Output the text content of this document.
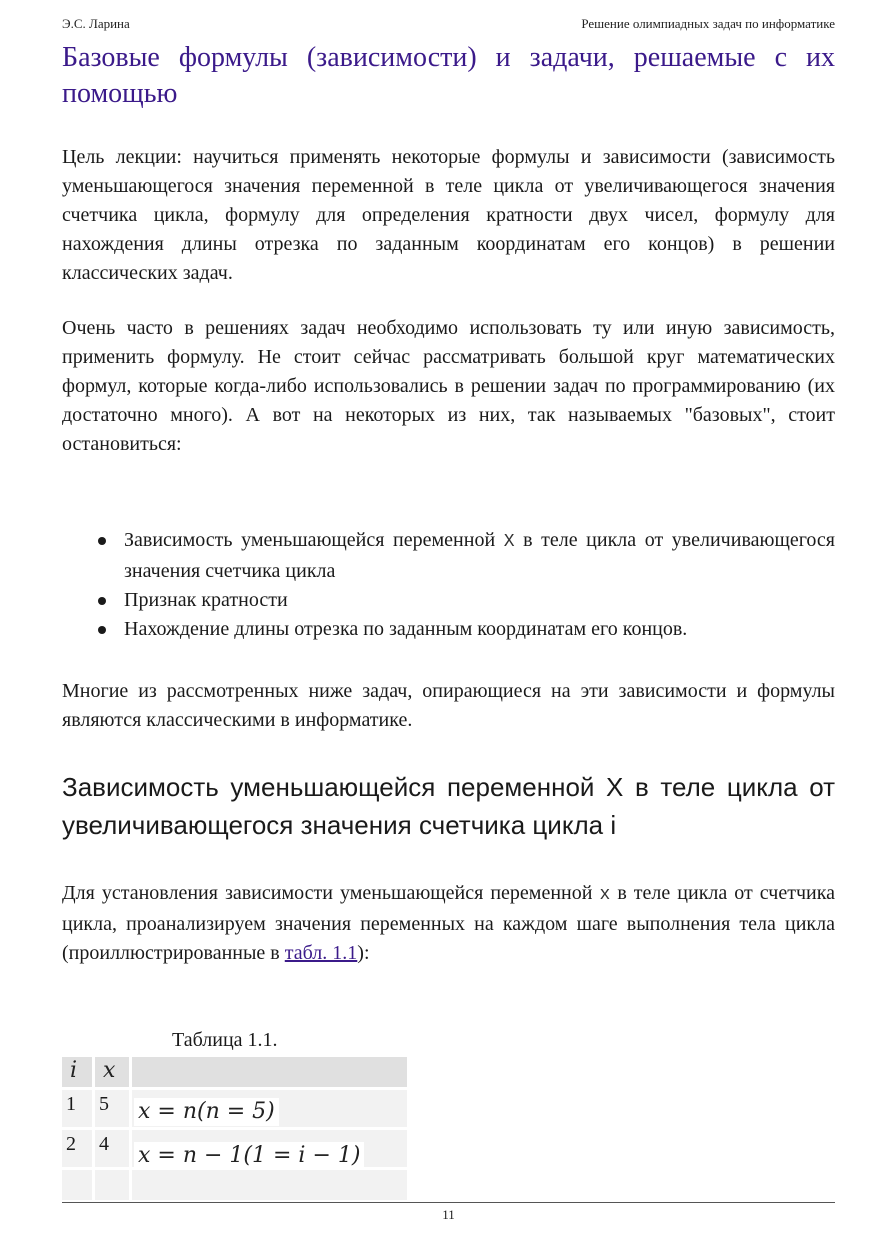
Э.С. Ларина	Решение олимпиадных задач по информатике
Базовые формулы (зависимости) и задачи, решаемые с их помощью

Цель лекции: научиться применять некоторые формулы и зависимости (зависимость уменьшающегося значения переменной в теле цикла от увеличивающегося значения счетчика цикла, формулу для определения кратности двух чисел, формулу для нахождения длины отрезка по заданным координатам его концов) в решении классических задач.

Очень часто в решениях задач необходимо использовать ту или иную зависимость, применить формулу. Не стоит сейчас рассматривать большой круг математических формул, которые когда-либо использовались в решении задач по программированию (их достаточно много). А вот на некоторых из них, так называемых "базовых", стоит остановиться:

Зависимость уменьшающейся переменной X в теле цикла от увеличивающегося значения счетчика цикла
Признак кратности
Нахождение длины отрезка по заданным координатам его концов.

Многие из рассмотренных ниже задач, опирающиеся на эти зависимости и формулы являются классическими в информатике.

Зависимость уменьшающейся переменной X в теле цикла от увеличивающегося значения счетчика цикла i

Для установления зависимости уменьшающейся переменной x в теле цикла от счетчика цикла, проанализируем значения переменных на каждом шаге выполнения тела цикла (проиллюстрированные в табл. 1.1):

Таблица 1.1.
i	x
1	5	x = n(n = 5)
2	4	x = n − 1(1 = i − 1)
11
